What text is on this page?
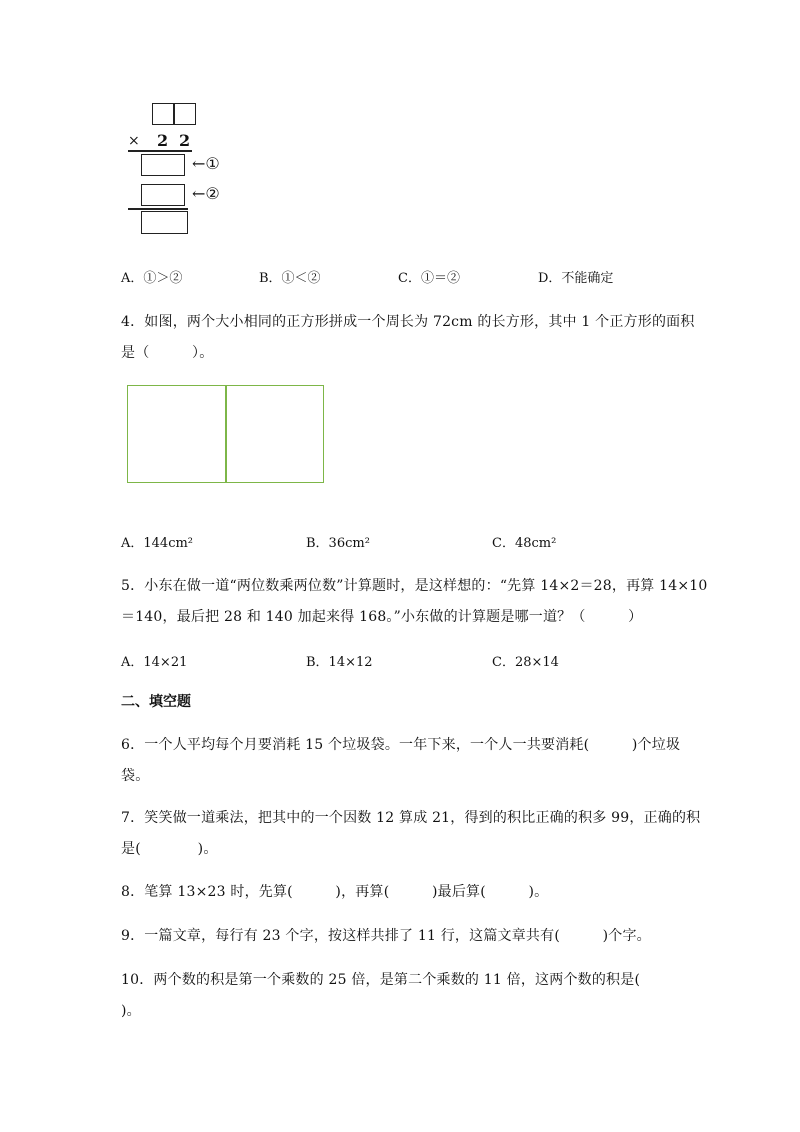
× 2 2
←①
←②
A．①＞②	B．①＜②	C．①＝②	D．不能确定
4．如图，两个大小相同的正方形拼成一个周长为 72cm 的长方形，其中 1 个正方形的面积
是（　　　）。
A．144cm²	B．36cm²	C．48cm²
5．小东在做一道“两位数乘两位数”计算题时，是这样想的：“先算 14×2＝28，再算 14×10
＝140，最后把 28 和 140 加起来得 168。”小东做的计算题是哪一道？（　　　）
A．14×21	B．14×12	C．28×14
二、填空题
6．一个人平均每个月要消耗 15 个垃圾袋。一年下来，一个人一共要消耗(　　　)个垃圾
袋。
7．笑笑做一道乘法，把其中的一个因数 12 算成 21，得到的积比正确的积多 99，正确的积
是(　　　　)。
8．笔算 13×23 时，先算(　　　)，再算(　　　)最后算(　　　)。
9．一篇文章，每行有 23 个字，按这样共排了 11 行，这篇文章共有(　　　)个字。
10．两个数的积是第一个乘数的 25 倍，是第二个乘数的 11 倍，这两个数的积是(
)。
